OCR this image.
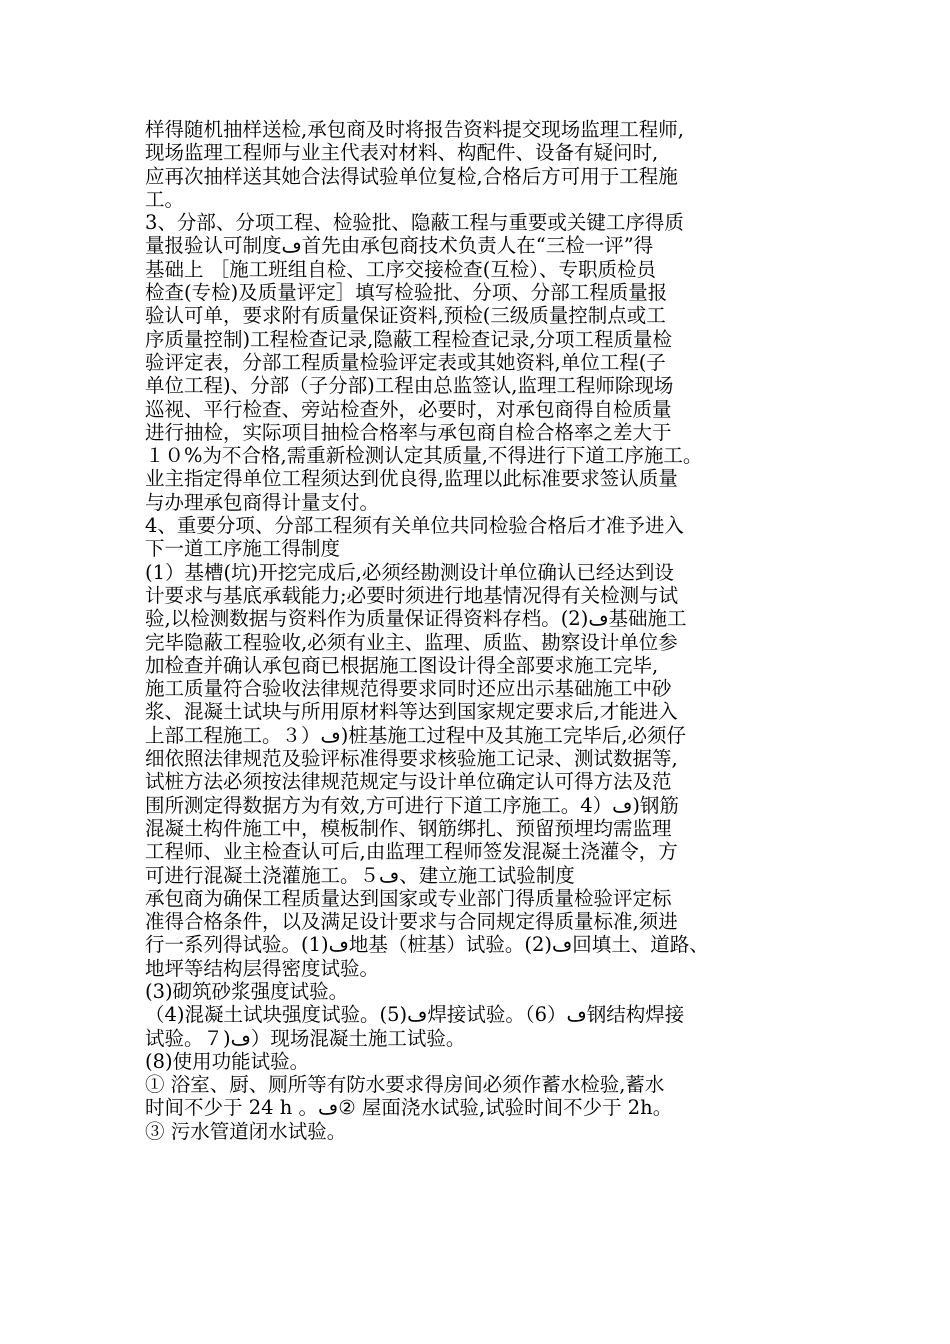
样得随机抽样送检,承包商及时将报告资料提交现场监理工程师,
现场监理工程师与业主代表对材料、构配件、设备有疑问时,
应再次抽样送其她合法得试验单位复检,合格后方可用于工程施
工。
3、分部、分项工程、检验批、隐蔽工程与重要或关键工序得质
量报验认可制度ڡ首先由承包商技术负责人在“三检一评”得
基础上 ［施工班组自检、工序交接检查(互检）、专职质检员
检查(专检)及质量评定］填写检验批、分项、分部工程质量报
验认可单，要求附有质量保证资料,预检(三级质量控制点或工
序质量控制)工程检查记录,隐蔽工程检查记录,分项工程质量检
验评定表，分部工程质量检验评定表或其她资料,单位工程(子
单位工程)、分部（子分部)工程由总监签认,监理工程师除现场
巡视、平行检查、旁站检查外，必要时，对承包商得自检质量
进行抽检，实际项目抽检合格率与承包商自检合格率之差大于
１０%为不合格,需重新检测认定其质量,不得进行下道工序施工。
业主指定得单位工程须达到优良得,监理以此标准要求签认质量
与办理承包商得计量支付。
4、重要分项、分部工程须有关单位共同检验合格后才准予进入
下一道工序施工得制度
(1）基槽(坑)开挖完成后,必须经勘测设计单位确认已经达到设
计要求与基底承载能力;必要时须进行地基情况得有关检测与试
验,以检测数据与资料作为质量保证得资料存档。(2)ڡ基础施工
完毕隐蔽工程验收,必须有业主、监理、质监、勘察设计单位参
加检查并确认承包商已根据施工图设计得全部要求施工完毕,
施工质量符合验收法律规范得要求同时还应出示基础施工中砂
浆、混凝土试块与所用原材料等达到国家规定要求后,才能进入
上部工程施工。３）ڡ)桩基施工过程中及其施工完毕后,必须仔
细依照法律规范及验评标准得要求核验施工记录、测试数据等,
试桩方法必须按法律规范规定与设计单位确定认可得方法及范
围所测定得数据方为有效,方可进行下道工序施工。4）ڡ)钢筋
混凝土构件施工中，模板制作、钢筋绑扎、预留预埋均需监理
工程师、业主检查认可后,由监理工程师签发混凝土浇灌令，方
可进行混凝土浇灌施工。５ڡ、建立施工试验制度
承包商为确保工程质量达到国家或专业部门得质量检验评定标
准得合格条件，以及满足设计要求与合同规定得质量标准,须进
行一系列得试验。(1)ڡ地基（桩基）试验。(2)ڡ回填土、道路、
地坪等结构层得密度试验。
(3)砌筑砂浆强度试验。
（4)混凝土试块强度试验。(5)ڡ焊接试验。（6）ڡ钢结构焊接
试验。７)ڡ）现场混凝土施工试验。
(8)使用功能试验。
① 浴室、厨、厕所等有防水要求得房间必须作蓄水检验,蓄水
时间不少于 24 h 。ڡ② 屋面浇水试验,试验时间不少于 2h。
③ 污水管道闭水试验。
